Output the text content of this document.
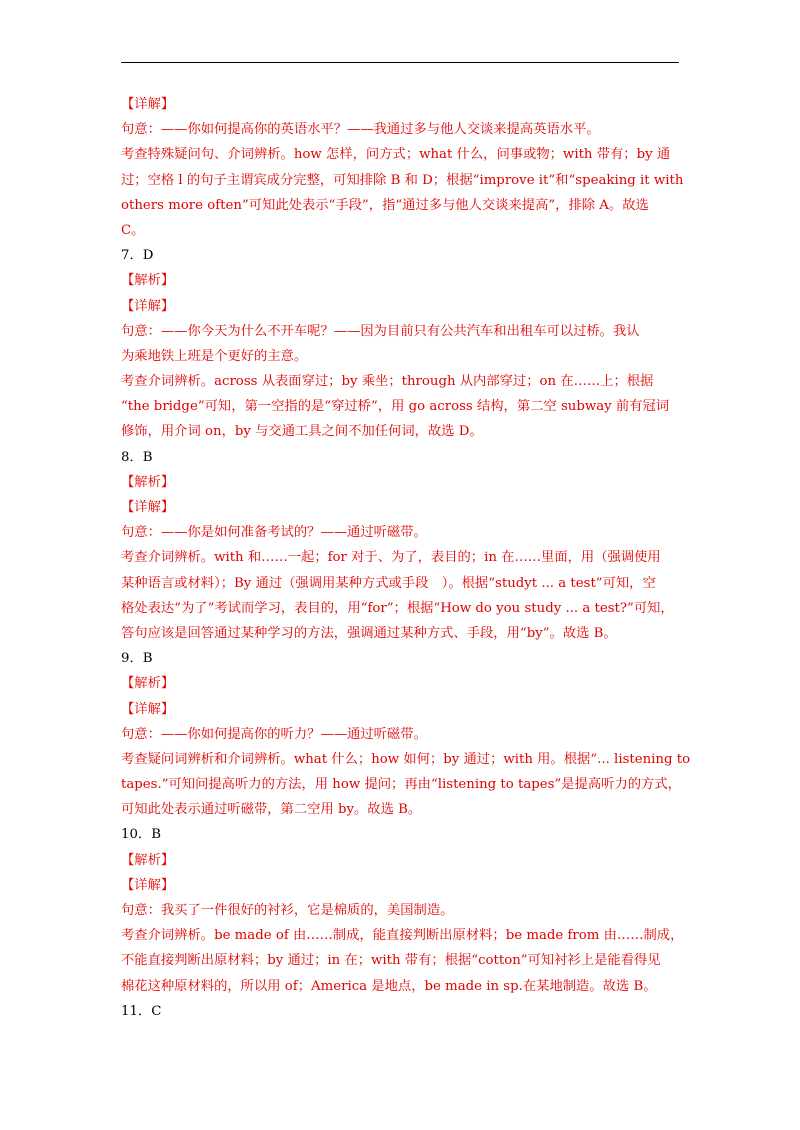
【详解】
句意：——你如何提高你的英语水平？——我通过多与他人交谈来提高英语水平。
考查特殊疑问句、介词辨析。how 怎样，问方式；what 什么，问事或物；with 带有；by 通
过；空格 l 的句子主谓宾成分完整，可知排除 B 和 D；根据“improve it”和“speaking it with
others more often”可知此处表示“手段”，指“通过多与他人交谈来提高”，排除 A。故选
C。
7．D
【解析】
【详解】
句意：——你今天为什么不开车呢？——因为目前只有公共汽车和出租车可以过桥。我认
为乘地铁上班是个更好的主意。
考查介词辨析。across 从表面穿过；by 乘坐；through 从内部穿过；on 在……上；根据
“the bridge”可知，第一空指的是“穿过桥”，用 go across 结构，第二空 subway 前有冠词
修饰，用介词 on，by 与交通工具之间不加任何词，故选 D。
8．B
【解析】
【详解】
句意：——你是如何准备考试的？——通过听磁带。
考查介词辨析。with 和……一起；for 对于、为了，表目的；in 在……里面，用（强调使用
某种语言或材料）；By 通过（强调用某种方式或手段　）。根据“studyt ... a test”可知，空
格处表达“为了”考试而学习，表目的，用“for”；根据“How do you study ... a test?”可知，
答句应该是回答通过某种学习的方法，强调通过某种方式、手段，用“by”。故选 B。
9．B
【解析】
【详解】
句意：——你如何提高你的听力？——通过听磁带。
考查疑问词辨析和介词辨析。what 什么；how 如何；by 通过；with 用。根据“... listening to
tapes.”可知问提高听力的方法，用 how 提问；再由“listening to tapes”是提高听力的方式，
可知此处表示通过听磁带，第二空用 by。故选 B。
10．B
【解析】
【详解】
句意：我买了一件很好的衬衫，它是棉质的，美国制造。
考查介词辨析。be made of 由……制成，能直接判断出原材料；be made from 由……制成，
不能直接判断出原材料；by 通过；in 在；with 带有；根据“cotton”可知衬衫上是能看得见
棉花这种原材料的，所以用 of；America 是地点，be made in sp.在某地制造。故选 B。
11．C
